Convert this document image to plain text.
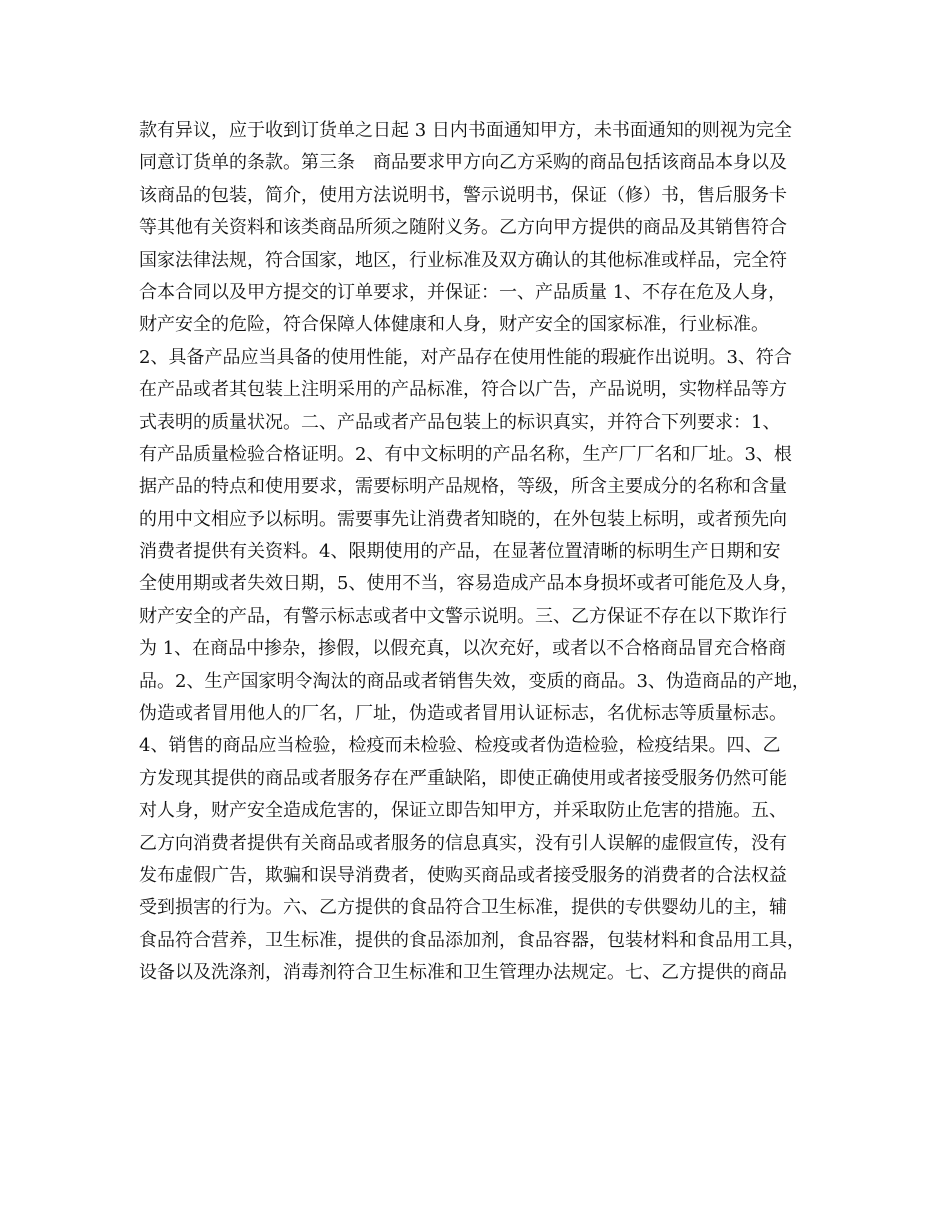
款有异议，应于收到订货单之日起 3 日内书面通知甲方，未书面通知的则视为完全
同意订货单的条款。第三条　商品要求甲方向乙方采购的商品包括该商品本身以及
该商品的包装，简介，使用方法说明书，警示说明书，保证（修）书，售后服务卡
等其他有关资料和该类商品所须之随附义务。乙方向甲方提供的商品及其销售符合
国家法律法规，符合国家，地区，行业标准及双方确认的其他标准或样品，完全符
合本合同以及甲方提交的订单要求，并保证：一、产品质量 1、不存在危及人身，
财产安全的危险，符合保障人体健康和人身，财产安全的国家标准，行业标准。
2、具备产品应当具备的使用性能，对产品存在使用性能的瑕疵作出说明。3、符合
在产品或者其包装上注明采用的产品标准，符合以广告，产品说明，实物样品等方
式表明的质量状况。二、产品或者产品包装上的标识真实，并符合下列要求：1、
有产品质量检验合格证明。2、有中文标明的产品名称，生产厂厂名和厂址。3、根
据产品的特点和使用要求，需要标明产品规格，等级，所含主要成分的名称和含量
的用中文相应予以标明。需要事先让消费者知晓的，在外包装上标明，或者预先向
消费者提供有关资料。4、限期使用的产品，在显著位置清晰的标明生产日期和安
全使用期或者失效日期，5、使用不当，容易造成产品本身损坏或者可能危及人身，
财产安全的产品，有警示标志或者中文警示说明。三、乙方保证不存在以下欺诈行
为 1、在商品中掺杂，掺假，以假充真，以次充好，或者以不合格商品冒充合格商
品。2、生产国家明令淘汰的商品或者销售失效，变质的商品。3、伪造商品的产地，
伪造或者冒用他人的厂名，厂址，伪造或者冒用认证标志，名优标志等质量标志。
4、销售的商品应当检验，检疫而未检验、检疫或者伪造检验，检疫结果。四、乙
方发现其提供的商品或者服务存在严重缺陷，即使正确使用或者接受服务仍然可能
对人身，财产安全造成危害的，保证立即告知甲方，并采取防止危害的措施。五、
乙方向消费者提供有关商品或者服务的信息真实，没有引人误解的虚假宣传，没有
发布虚假广告，欺骗和误导消费者，使购买商品或者接受服务的消费者的合法权益
受到损害的行为。六、乙方提供的食品符合卫生标准，提供的专供婴幼儿的主，辅
食品符合营养，卫生标准，提供的食品添加剂，食品容器，包装材料和食品用工具，
设备以及洗涤剂，消毒剂符合卫生标准和卫生管理办法规定。七、乙方提供的商品
